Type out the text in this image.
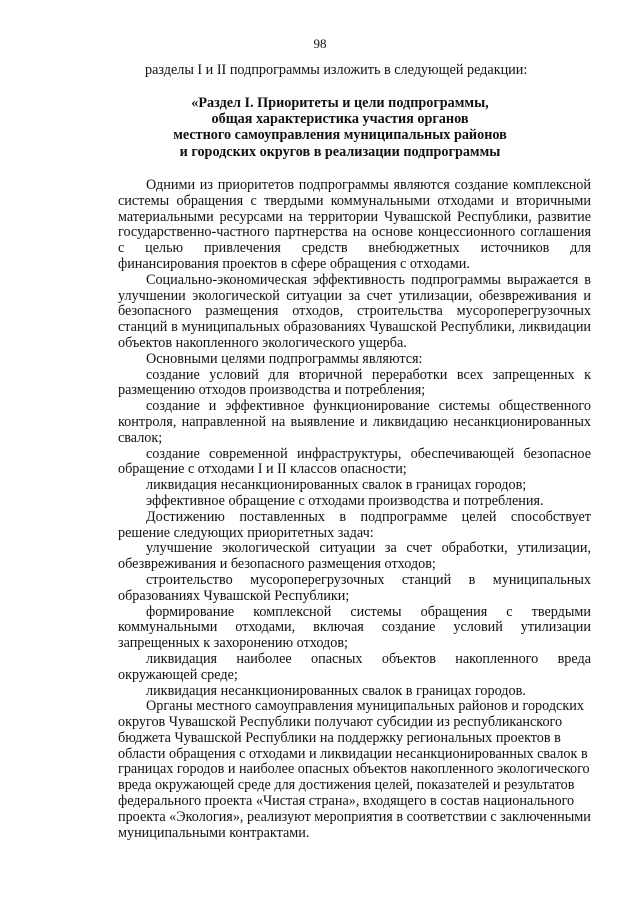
98
разделы I и II подпрограммы изложить в следующей редакции:
«Раздел I. Приоритеты и цели подпрограммы,
общая характеристика участия органов
местного самоуправления муниципальных районов
и городских округов в реализации подпрограммы

Одними из приоритетов подпрограммы являются создание комплексной системы обращения с твердыми коммунальными отходами и вторичными материальными ресурсами на территории Чувашской Республики, развитие государственно-частного партнерства на основе концессионного соглашения с целью привлечения средств внебюджетных источников для финансирования проектов в сфере обращения с отходами.

Социально-экономическая эффективность подпрограммы выражается в улучшении экологической ситуации за счет утилизации, обезвреживания и безопасного размещения отходов, строительства мусороперегрузочных станций в муниципальных образованиях Чувашской Республики, ликвидации объектов накопленного экологического ущерба.

Основными целями подпрограммы являются:

создание условий для вторичной переработки всех запрещенных к размещению отходов производства и потребления;

создание и эффективное функционирование системы общественного контроля, направленной на выявление и ликвидацию несанкционированных свалок;

создание современной инфраструктуры, обеспечивающей безопасное обращение с отходами I и II классов опасности;

ликвидация несанкционированных свалок в границах городов;

эффективное обращение с отходами производства и потребления.

Достижению поставленных в подпрограмме целей способствует решение следующих приоритетных задач:

улучшение экологической ситуации за счет обработки, утилизации, обезвреживания и безопасного размещения отходов;

строительство мусороперегрузочных станций в муниципальных образованиях Чувашской Республики;

формирование комплексной системы обращения с твердыми коммунальными отходами, включая создание условий утилизации запрещенных к захоронению отходов;

ликвидация наиболее опасных объектов накопленного вреда окружающей среде;

ликвидация несанкционированных свалок в границах городов.

Органы местного самоуправления муниципальных районов и городских округов Чувашской Республики получают субсидии из республиканского бюджета Чувашской Республики на поддержку региональных проектов в области обращения с отходами и ликвидации несанкционированных свалок в границах городов и наиболее опасных объектов накопленного экологического вреда окружающей среде для достижения целей, показателей и результатов федерального проекта «Чистая страна», входящего в состав национального проекта «Экология», реализуют мероприятия в соответствии с заключенными муниципальными контрактами.
